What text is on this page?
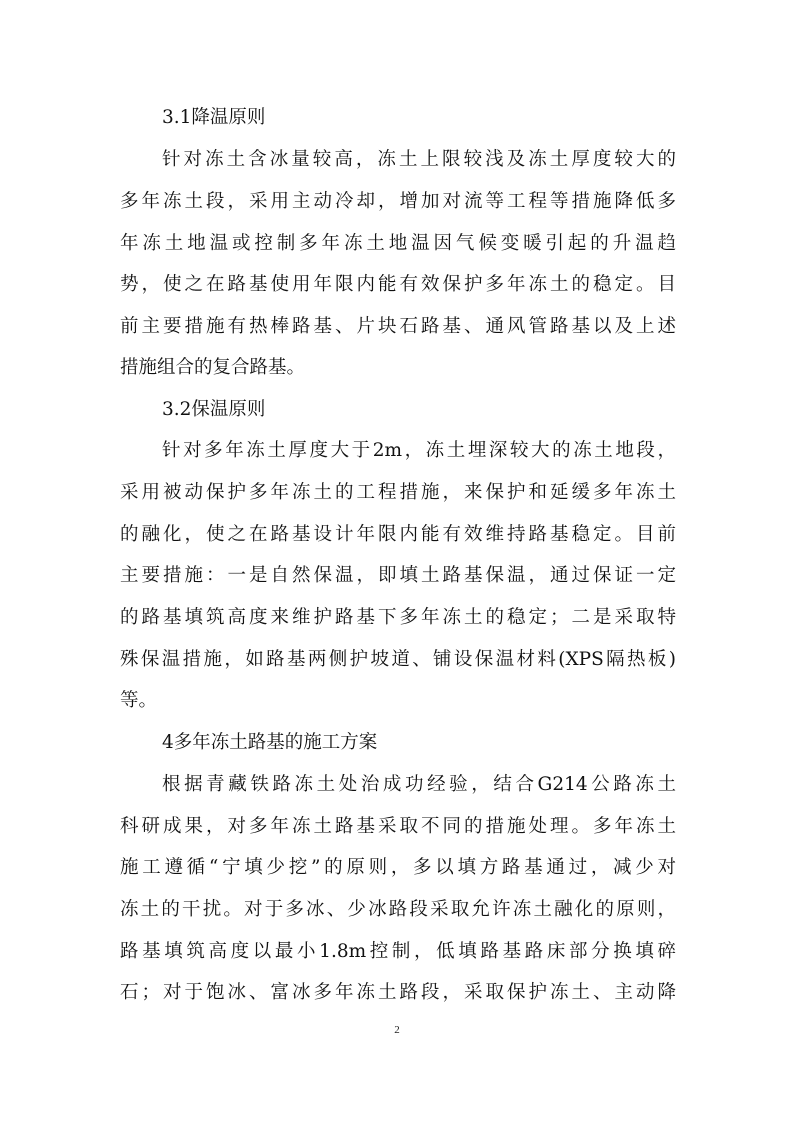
3.1降温原则
针对冻土含冰量较高，冻土上限较浅及冻土厚度较大的
多年冻土段，采用主动冷却，增加对流等工程等措施降低多
年冻土地温或控制多年冻土地温因气候变暖引起的升温趋
势，使之在路基使用年限内能有效保护多年冻土的稳定。目
前主要措施有热棒路基、片块石路基、通风管路基以及上述
措施组合的复合路基。
3.2保温原则
针对多年冻土厚度大于2m，冻土埋深较大的冻土地段，
采用被动保护多年冻土的工程措施，来保护和延缓多年冻土
的融化，使之在路基设计年限内能有效维持路基稳定。目前
主要措施：一是自然保温，即填土路基保温，通过保证一定
的路基填筑高度来维护路基下多年冻土的稳定；二是采取特
殊保温措施，如路基两侧护坡道、铺设保温材料(XPS隔热板)
等。
4多年冻土路基的施工方案
根据青藏铁路冻土处治成功经验，结合G214公路冻土
科研成果，对多年冻土路基采取不同的措施处理。多年冻土
施工遵循“宁填少挖”的原则，多以填方路基通过，减少对
冻土的干扰。对于多冰、少冰路段采取允许冻土融化的原则，
路基填筑高度以最小1.8m控制，低填路基路床部分换填碎
石；对于饱冰、富冰多年冻土路段，采取保护冻土、主动降
2
